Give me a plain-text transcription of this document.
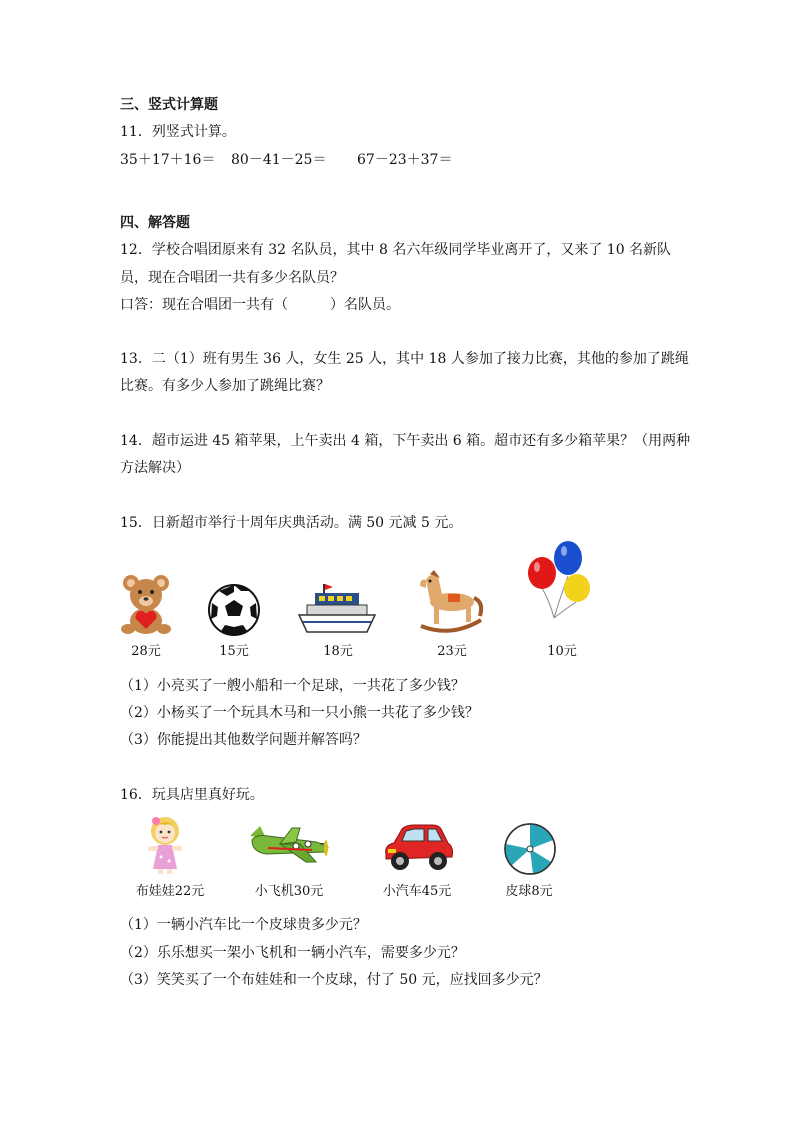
三、竖式计算题
11．列竖式计算。
35＋17＋16＝ 80－41－25＝ 67－23＋37＝
四、解答题
12．学校合唱团原来有 32 名队员，其中 8 名六年级同学毕业离开了，又来了 10 名新队
员，现在合唱团一共有多少名队员？
口答：现在合唱团一共有（　　　）名队员。
13．二（1）班有男生 36 人，女生 25 人，其中 18 人参加了接力比赛，其他的参加了跳绳
比赛。有多少人参加了跳绳比赛？
14．超市运进 45 箱苹果，上午卖出 4 箱，下午卖出 6 箱。超市还有多少箱苹果？（用两种
方法解决）
15．日新超市举行十周年庆典活动。满 50 元减 5 元。
28元	15元	18元	23元	10元
（1）小亮买了一艘小船和一个足球，一共花了多少钱？
（2）小杨买了一个玩具木马和一只小熊一共花了多少钱？
（3）你能提出其他数学问题并解答吗？
16．玩具店里真好玩。
布娃娃22元	小飞机30元	小汽车45元	皮球8元
（1）一辆小汽车比一个皮球贵多少元？
（2）乐乐想买一架小飞机和一辆小汽车，需要多少元？
（3）笑笑买了一个布娃娃和一个皮球，付了 50 元，应找回多少元？
